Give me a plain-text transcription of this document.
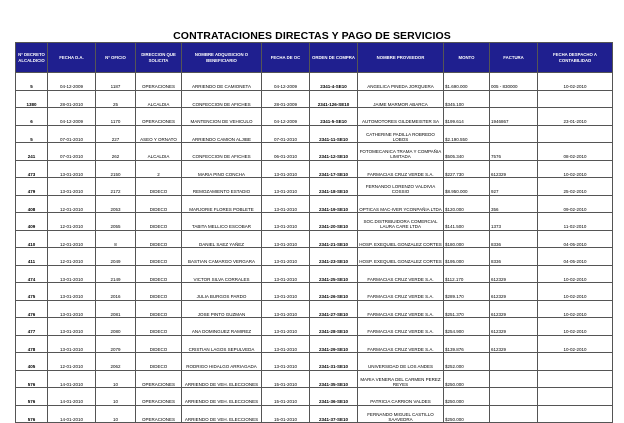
CONTRATACIONES DIRECTAS Y PAGO DE SERVICIOS
Nº DECRETO ALCALDICIO	FECHA D.A.	Nº OFICIO	DIRECCION QUE SOLICITA	NOMBRE ADQUISICION O BENEFICIARIO	FECHA DE OC	ORDEN DE COMPRA	NOMBRE PROVEEDOR	MONTO	FACTURA	FECHA DESPACHO A CONTABILIDAD
5	04-12-2009	1187	OPERACIONES	ARRIENDO DE CAMIONETA	04-12-2009	2341-4-SE10	ANGELICA PINEDA JORQUERA	$1.690.000	005 - 830000	10-02-2010
1380	28-01-2010	25	ALCALDIA	CONFECCION DE AFICHES	28-01-2009	2341-126-SE10	JAIME MARMOR ABARCA	$345.100		
6	04-12-2009	1170	OPERACIONES	MANTENCION DE VEHICULO	04-12-2009	2341-5-SE10	AUTOMOTORES GILDEMEISTER SA	$199.614	1946867	23-01-2010
5	07-01-2010	227	ASEO Y ORNATO	ARRIENDO CAMION ALJIBE	07-01-2010	2341-11-SE10	CATHERINE PADILLA ROBREDO LOBOS	$2.190.550		
241	07-01-2010	262	ALCALDIA	CONFECCION DE AFICHES	06-01-2010	2341-12-SE10	FOTOMECANICA TRAMA Y COMPAÑIA LIMITADA	$505.340	7576	08-02-2010
473	13-01-2010	2150	2	MARIA PINO CONCHA	13-01-2010	2341-17-SE10	FARMACIAS CRUZ VERDE S.A.	$227.730	612329	10-02-2010
479	13-01-2010	2172	DIDECO	REMOZAMIENTO ESTADIO	13-01-2010	2341-18-SE10	FERNANDO LORENZO VALDIVIA COSSIO	$8.950.000	927	25-02-2010
408	12-01-2010	2053	DIDECO	MARJORIE FLORES POBLETE	13-01-2010	2341-19-SE10	OPTICAS MAC-IVER YCONPAÑIA LTDA	$120.000	356	09-02-2010
409	12-01-2010	2055	DIDECO	TABITA MELLICO ESCOBAR	13-01-2010	2341-20-SE10	SOC.DISTRIBUIDORA COMERCIAL LAURA CARE LTDA	$141.500	1373	11-02-2010
410	12-01-2010	8	DIDECO	DANIEL SAEZ YAÑEZ	13-01-2010	2341-21-SE10	HOSP. EXEQUIEL GONZALEZ CORTES	$180.000	8336	04-05-2010
411	12-01-2010	2049	DIDECO	BASTIAN CAMARGO VERGARA	13-01-2010	2341-23-SE10	HOSP. EXEQUIEL GONZALEZ CORTES	$195.000	8336	04-05-2010
474	13-01-2010	2149	DIDECO	VICTOR SILVA CORRALES	13-01-2010	2341-25-SE10	FARMACIAS CRUZ VERDE S.A.	$112.170	612329	10-02-2010
475	13-01-2010	2016	DIDECO	JULIA BURGOS PARDO	13-01-2010	2341-26-SE10	FARMACIAS CRUZ VERDE S.A.	$289.170	612329	10-02-2010
476	13-01-2010	2081	DIDECO	JOSE PINTO GUZMAN	13-01-2010	2341-27-SE10	FARMACIAS CRUZ VERDE S.A.	$251.370	612329	10-02-2010
477	13-01-2010	2080	DIDECO	ANA DOMINGUEZ RAMIREZ	13-01-2010	2341-28-SE10	FARMACIAS CRUZ VERDE S.A.	$254.900	612329	10-02-2010
478	13-01-2010	2079	DIDECO	CRISTIAN LAGOS SEPULVEDA	13-01-2010	2341-29-SE10	FARMACIAS CRUZ VERDE S.A.	$139.876	612329	10-02-2010
405	12-01-2010	2062	DIDECO	RODRIGO HIDALGO ARRIAGADA	13-01-2010	2341-31-SE10	UNIVERSIDAD DE LOS ANDES	$252.000		
576	14-01-2010	10	OPERACIONES	ARRIENDO DE VEH. ELECCIONES	15-01-2010	2341-35-SE10	MARIA VENERA DEL CARMEN PEREZ REYES	$250.000		
576	14-01-2010	10	OPERACIONES	ARRIENDO DE VEH. ELECCIONES	15-01-2010	2341-36-SE10	PATRICIA CARRION VALDES	$250.000		
576	14-01-2010	10	OPERACIONES	ARRIENDO DE VEH. ELECCIONES	15-01-2010	2341-37-SE10	FERNANDO MIGUEL CASTILLO SAAVEDRA	$250.000		
